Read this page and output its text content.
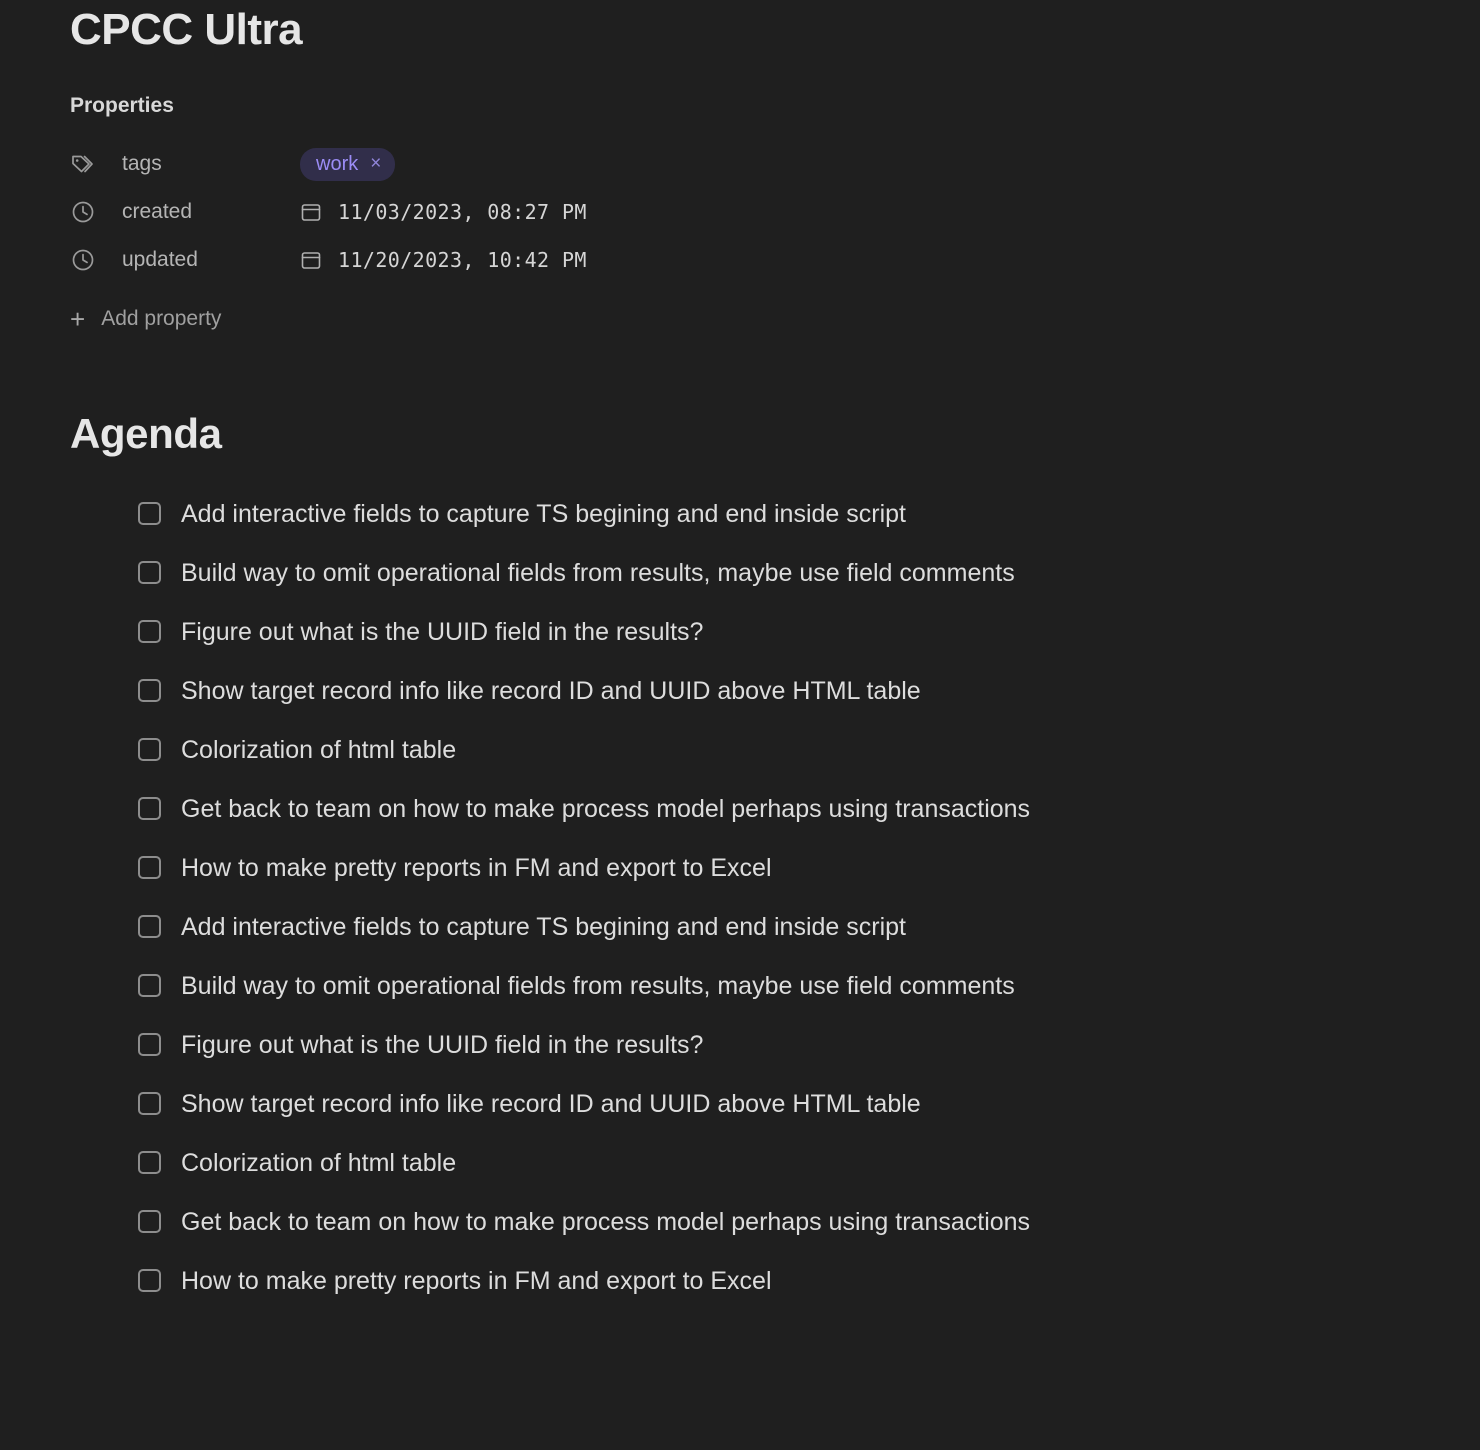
CPCC Ultra
Properties
tags	work ×
created	11/03/2023, 08:27 PM
updated	11/20/2023, 10:42 PM
+ Add property
Agenda
Add interactive fields to capture TS begining and end inside script
Build way to omit operational fields from results, maybe use field comments
Figure out what is the UUID field in the results?
Show target record info like record ID and UUID above HTML table
Colorization of html table
Get back to team on how to make process model perhaps using transactions
How to make pretty reports in FM and export to Excel
Add interactive fields to capture TS begining and end inside script
Build way to omit operational fields from results, maybe use field comments
Figure out what is the UUID field in the results?
Show target record info like record ID and UUID above HTML table
Colorization of html table
Get back to team on how to make process model perhaps using transactions
How to make pretty reports in FM and export to Excel
